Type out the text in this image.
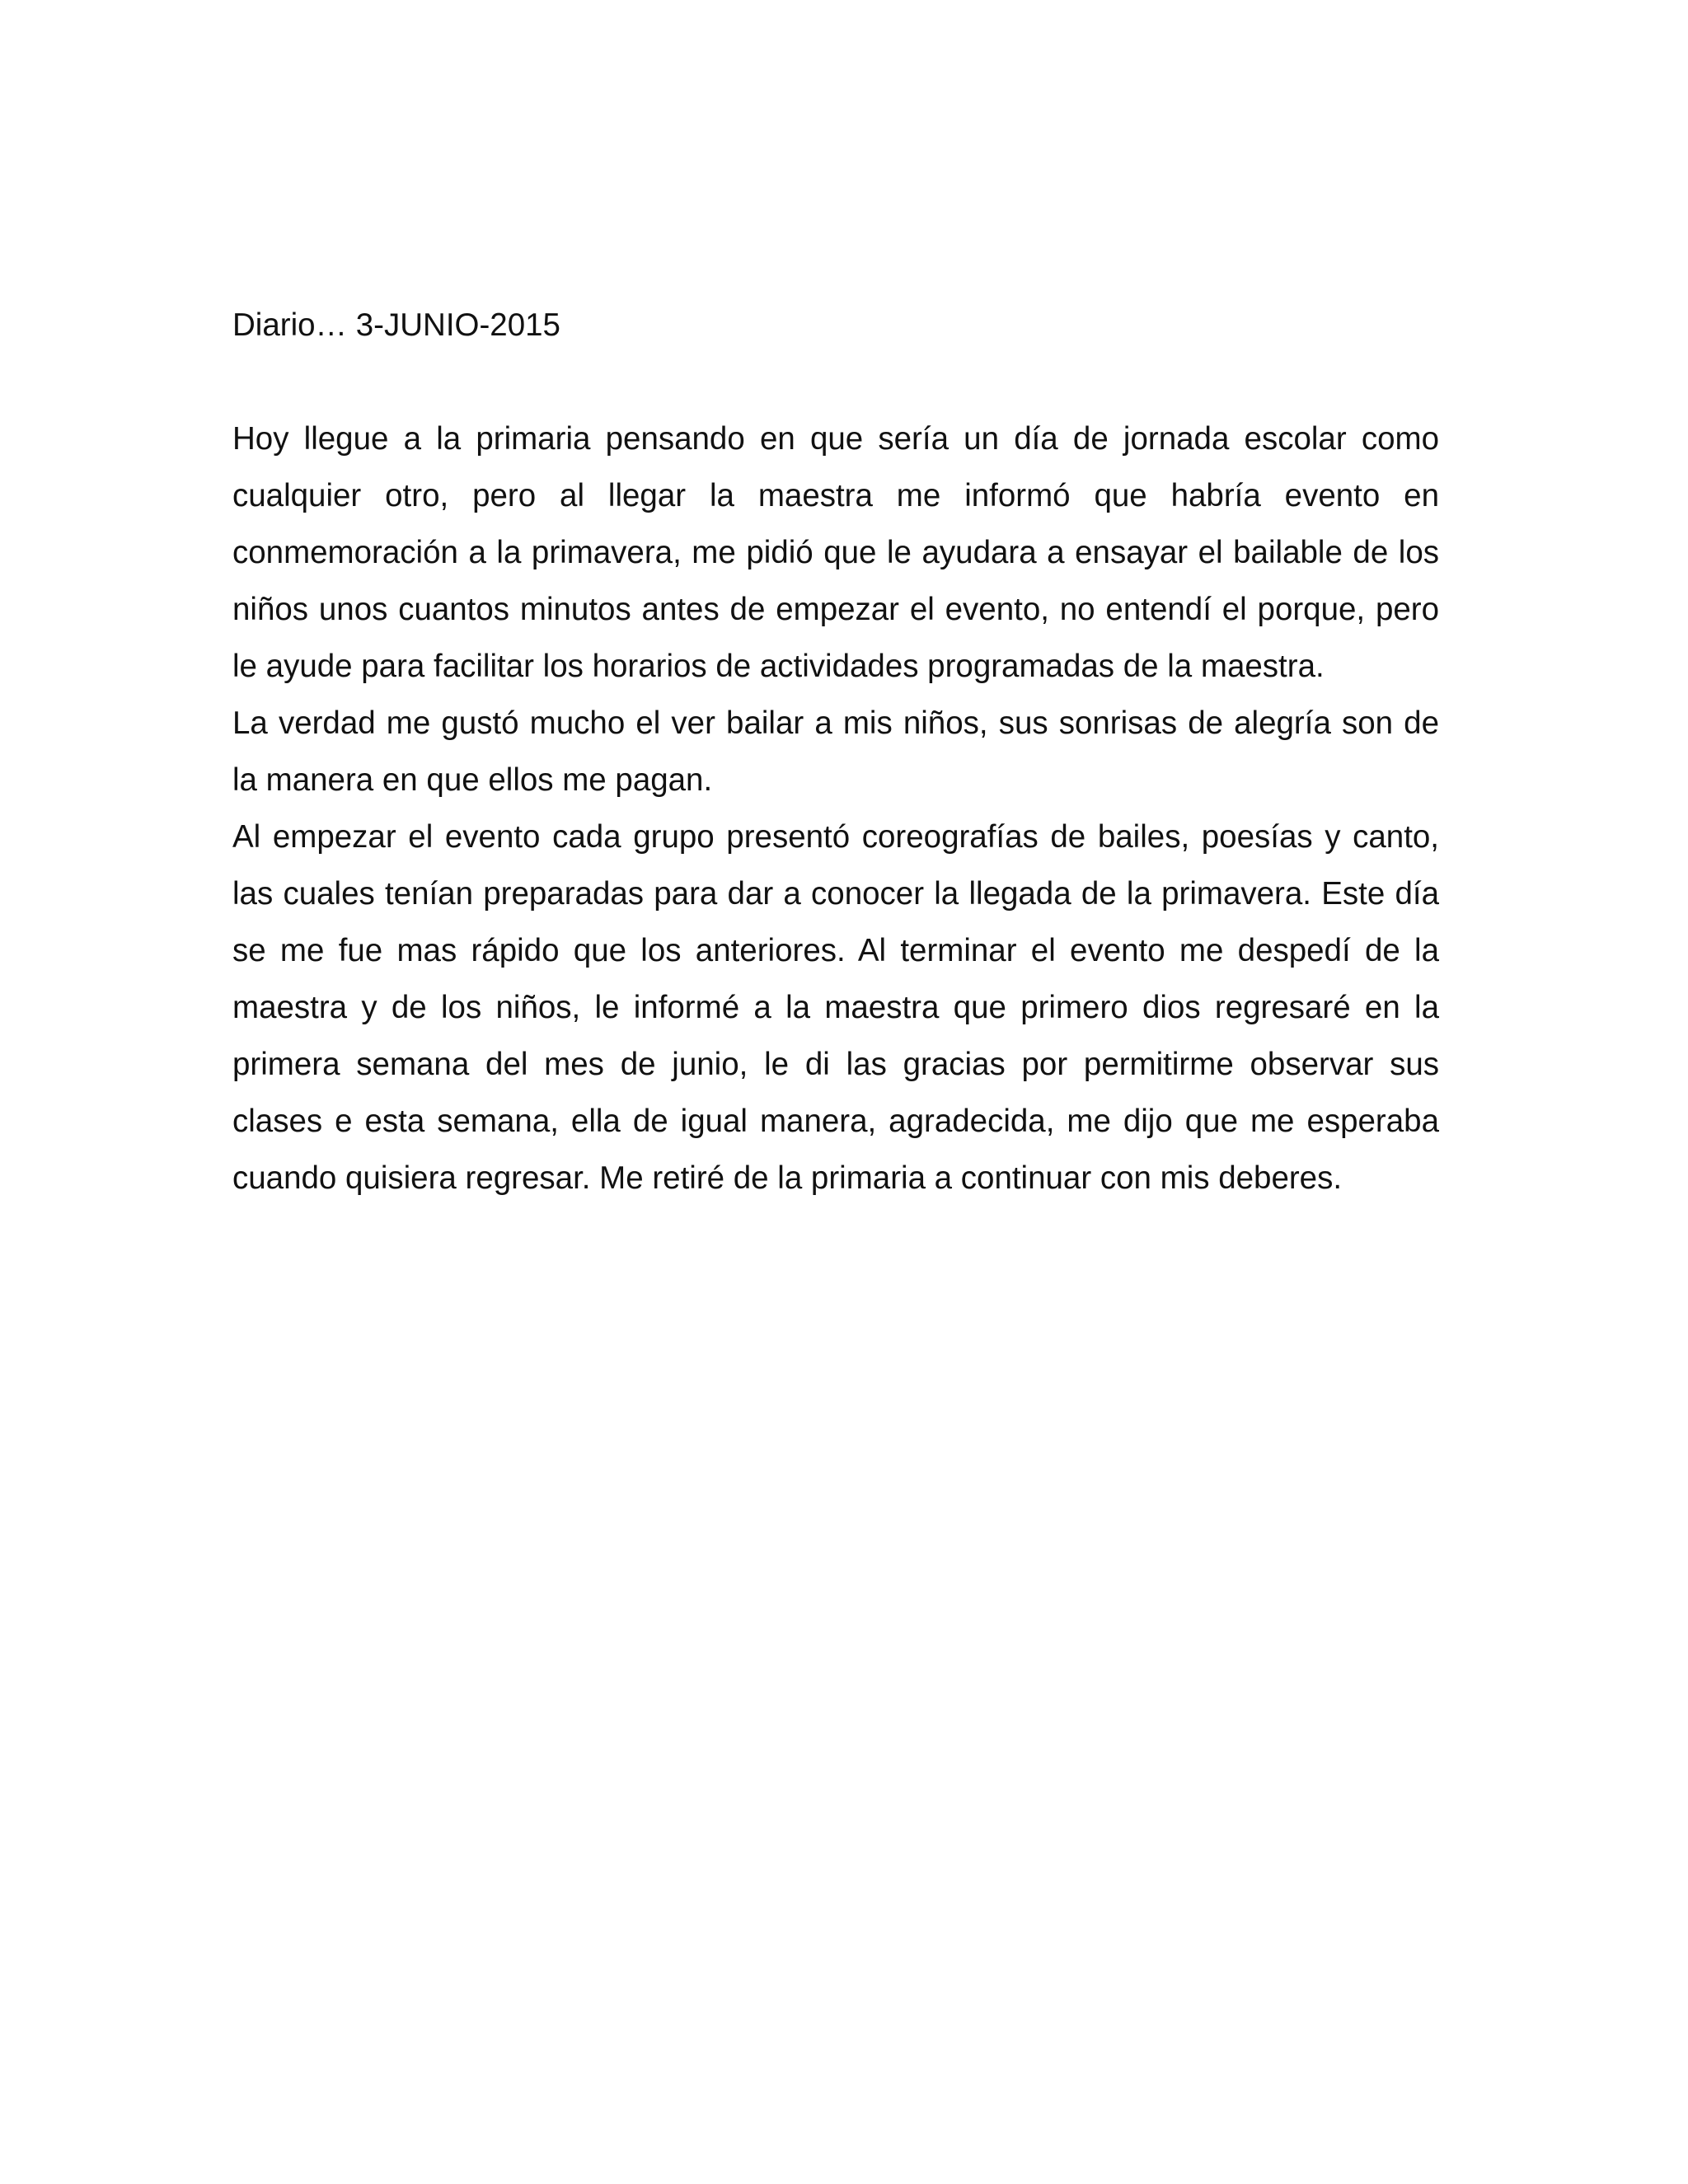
Diario… 3-JUNIO-2015

Hoy llegue a la primaria pensando en que sería un día de jornada escolar como cualquier otro, pero al llegar la maestra me informó que habría evento en conmemoración a la primavera, me pidió que le ayudara a ensayar el bailable de los niños unos cuantos minutos antes de empezar el evento, no entendí el porque, pero le ayude para facilitar los horarios de actividades programadas de la maestra.

La verdad me gustó mucho el ver bailar a mis niños, sus sonrisas de alegría son de la manera en que ellos me pagan.

Al empezar el evento cada grupo presentó coreografías de bailes, poesías y canto, las cuales tenían preparadas para dar a conocer la llegada de la primavera. Este día se me fue mas rápido que los anteriores. Al terminar el evento me despedí de la maestra y de los niños, le informé a la maestra que primero dios regresaré en la primera semana del mes de junio, le di las gracias por permitirme observar sus clases e esta semana, ella de igual manera, agradecida, me dijo que me esperaba cuando quisiera regresar. Me retiré de la primaria a continuar con mis deberes.
